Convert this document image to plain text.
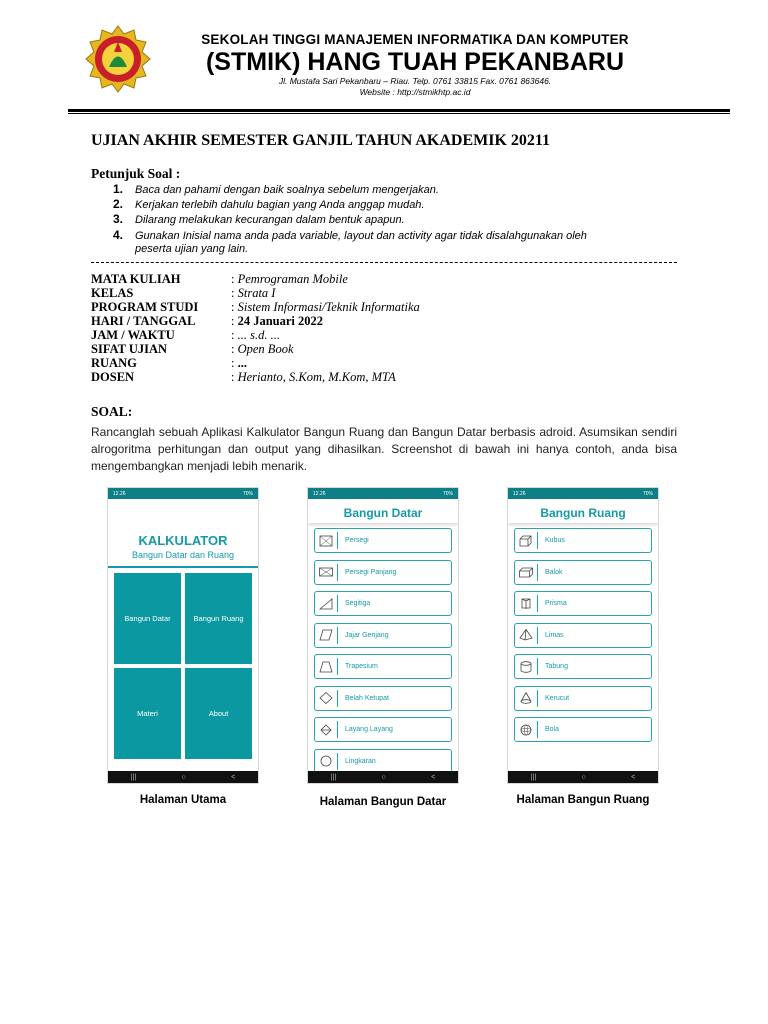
SEKOLAH TINGGI MANAJEMEN INFORMATIKA DAN KOMPUTER
(STMIK) HANG TUAH PEKANBARU
Jl. Mustafa Sari Pekanbaru – Riau. Telp. 0761 33815 Fax. 0761 863646.
Website : http://stmikhtp.ac.id
UJIAN AKHIR SEMESTER GANJIL TAHUN AKADEMIK 20211
Petunjuk Soal :
1. Baca dan pahami dengan baik soalnya sebelum mengerjakan.
2. Kerjakan terlebih dahulu bagian yang Anda anggap mudah.
3. Dilarang melakukan kecurangan dalam bentuk apapun.
4. Gunakan Inisial nama anda pada variable, layout dan activity agar tidak disalahgunakan oleh
peserta ujian yang lain.
MATA KULIAH	: Pemrograman Mobile
KELAS	: Strata I
PROGRAM STUDI	: Sistem Informasi/Teknik Informatika
HARI / TANGGAL	: 24 Januari 2022
JAM / WAKTU	: ... s.d. ...
SIFAT UJIAN	: Open Book
RUANG	: ...
DOSEN	: Herianto, S.Kom, M.Kom, MTA
SOAL:
Rancanglah sebuah Aplikasi Kalkulator Bangun Ruang dan Bangun Datar berbasis adroid. Asumsikan sendiri alrogoritma perhitungan dan output yang dihasilkan. Screenshot di bawah ini hanya contoh, anda bisa mengembangkan menjadi lebih menarik.
12.26	70%
KALKULATOR
Bangun Datar dan Ruang
Bangun Datar	Bangun Ruang
Materi	About
|||	○	<
12.26	70%
Bangun Datar
Persegi
Persegi Panjang
Segitiga
Jajar Genjang
Trapesium
Belah Ketupat
Layang Layang
Lingkaran
|||	○	<
12.26	70%
Bangun Ruang
Kubus
Balok
Prisma
Limas
Tabung
Kerucut
Bola
|||	○	<
Halaman Utama	Halaman Bangun Datar	Halaman Bangun Ruang
